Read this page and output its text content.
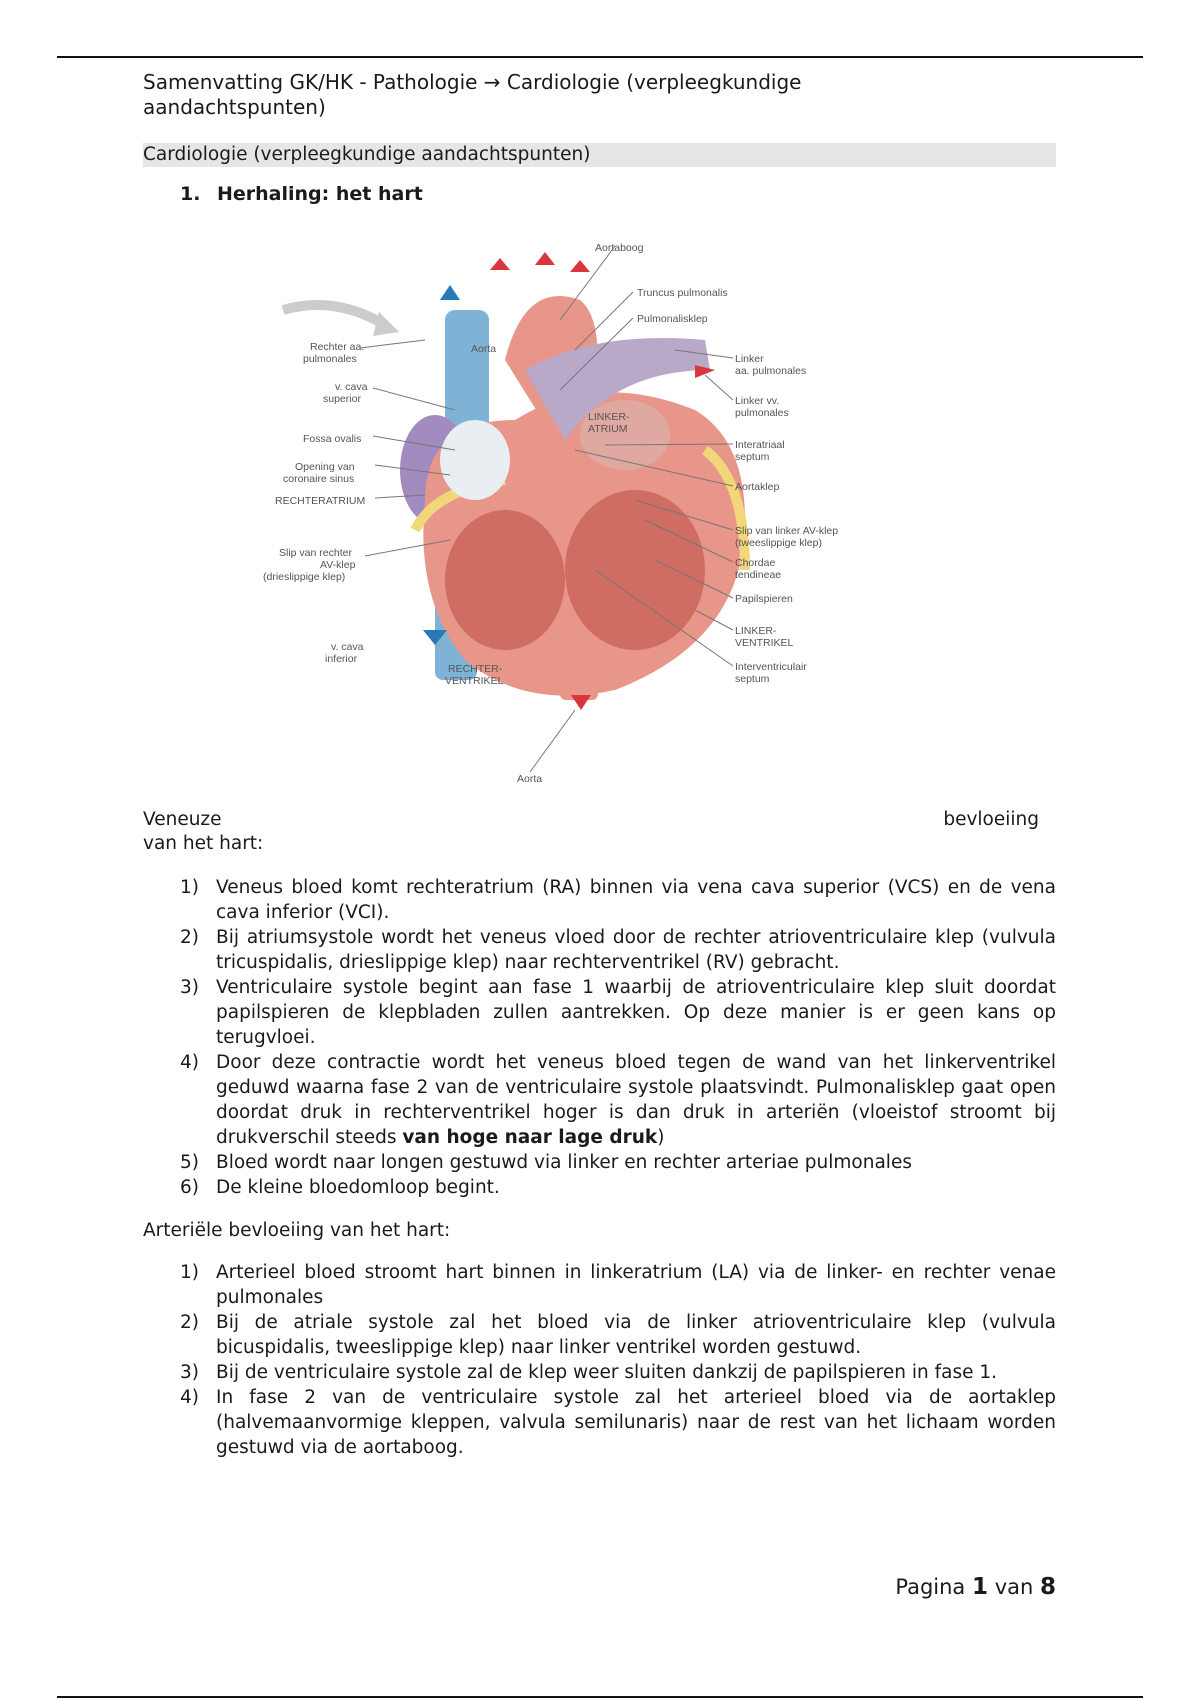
Samenvatting GK/HK - Pathologie → Cardiologie (verpleegkundige aandachtspunten)
Cardiologie (verpleegkundige aandachtspunten)
1. Herhaling: het hart
Aortaboog
Truncus pulmonalis
Pulmonalisklep
Aorta
Rechter aa.
pulmonales
v. cava
superior
Fossa ovalis
Opening van
coronaire sinus
RECHTERATRIUM
Slip van rechter
AV-klep
(drieslippige klep)
v. cava
inferior
RECHTER-
VENTRIKEL
Aorta
Linker
aa. pulmonales
Linker vv.
pulmonales
LINKER-
ATRIUM
Interatriaal
septum
Aortaklep
Slip van linker AV-klep
(tweeslippige klep)
Chordae
tendineae
Papilspieren
LINKER-
VENTRIKEL
Interventriculair
septum
Veneuze	bevloeiing
van het hart:
1) Veneus bloed komt rechteratrium (RA) binnen via vena cava superior (VCS) en de vena cava inferior (VCI).
2) Bij atriumsystole wordt het veneus vloed door de rechter atrioventriculaire klep (vulvula tricuspidalis, drieslippige klep) naar rechterventrikel (RV) gebracht.
3) Ventriculaire systole begint aan fase 1 waarbij de atrioventriculaire klep sluit doordat papilspieren de klepbladen zullen aantrekken. Op deze manier is er geen kans op terugvloei.
4) Door deze contractie wordt het veneus bloed tegen de wand van het linkerventrikel geduwd waarna fase 2 van de ventriculaire systole plaatsvindt. Pulmonalisklep gaat open doordat druk in rechterventrikel hoger is dan druk in arteriën (vloeistof stroomt bij drukverschil steeds van hoge naar lage druk)
5) Bloed wordt naar longen gestuwd via linker en rechter arteriae pulmonales
6) De kleine bloedomloop begint.
Arteriële bevloeiing van het hart:
1) Arterieel bloed stroomt hart binnen in linkeratrium (LA) via de linker- en rechter venae pulmonales
2) Bij de atriale systole zal het bloed via de linker atrioventriculaire klep (vulvula bicuspidalis, tweeslippige klep) naar linker ventrikel worden gestuwd.
3) Bij de ventriculaire systole zal de klep weer sluiten dankzij de papilspieren in fase 1.
4) In fase 2 van de ventriculaire systole zal het arterieel bloed via de aortaklep (halvemaanvormige kleppen, valvula semilunaris) naar de rest van het lichaam worden gestuwd via de aortaboog.
Pagina 1 van 8
